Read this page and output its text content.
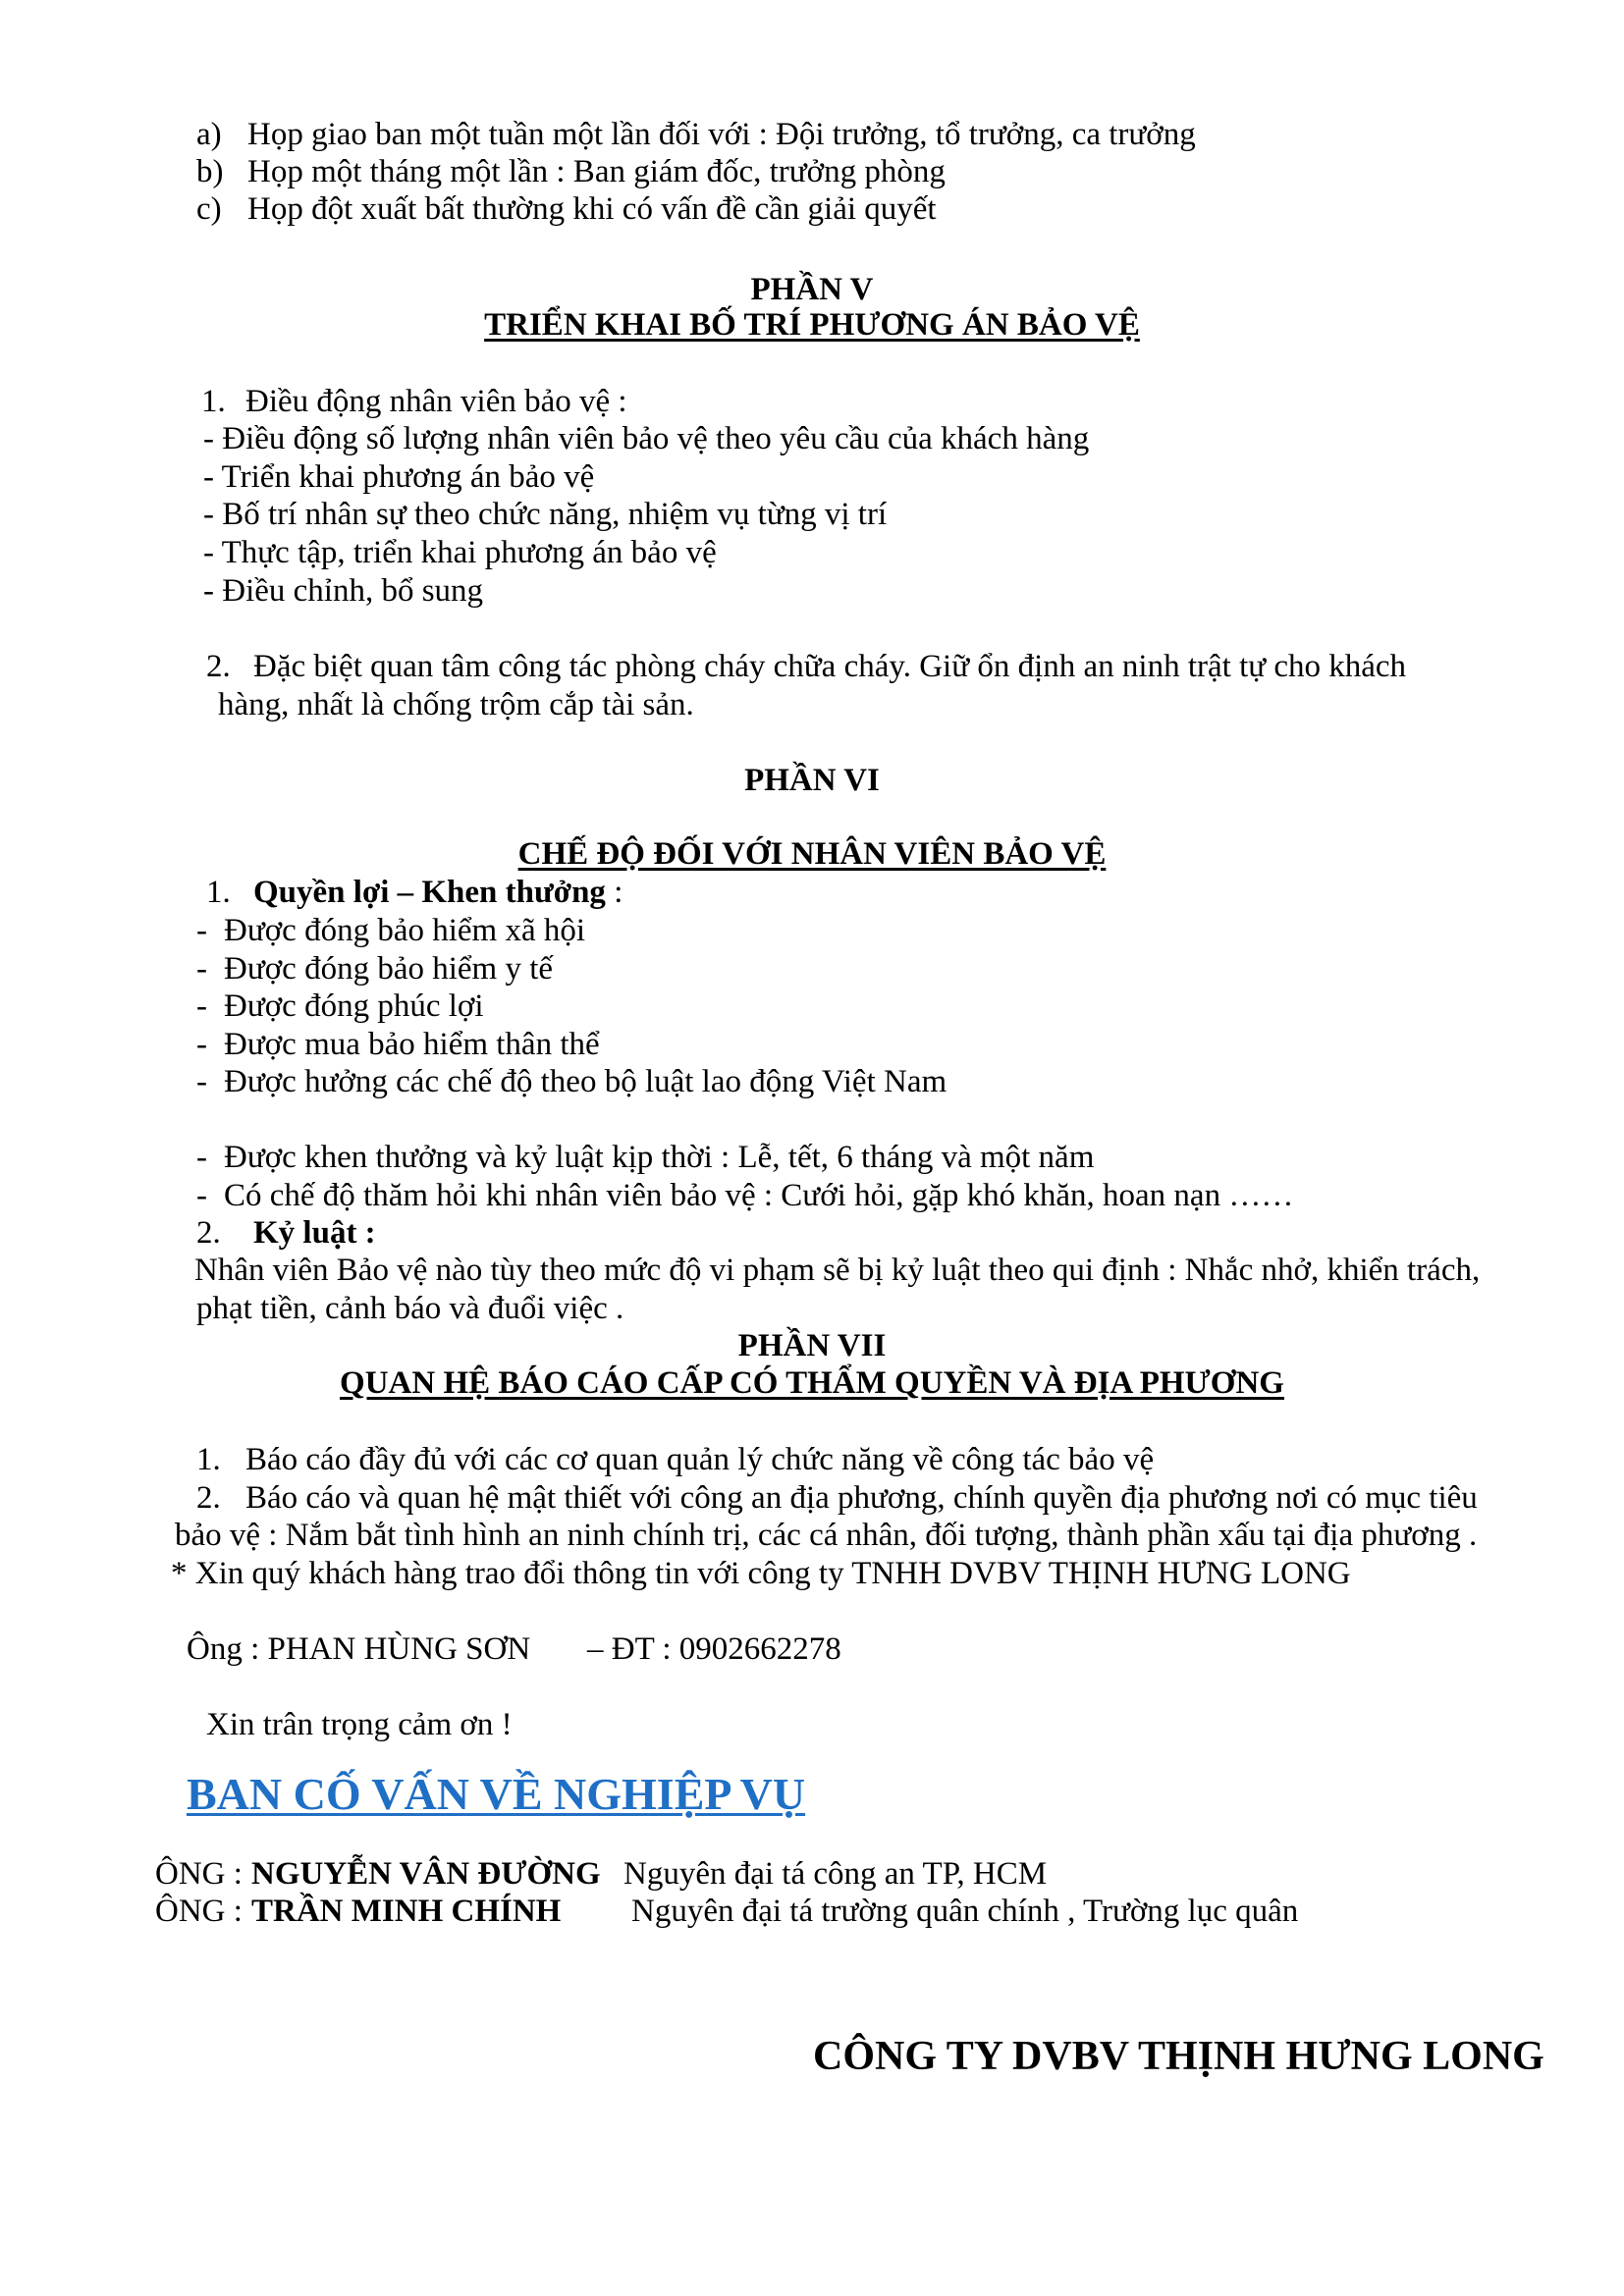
a) Họp giao ban một tuần một lần đối với : Đội trưởng, tổ trưởng, ca trưởng
b) Họp một tháng một lần : Ban giám đốc, trưởng phòng
c) Họp đột xuất bất thường khi có vấn đề cần giải quyết
PHẦN V
TRIỂN KHAI BỐ TRÍ PHƯƠNG ÁN BẢO VỆ
1. Điều động nhân viên bảo vệ :
- Điều động số lượng nhân viên bảo vệ theo yêu cầu của khách hàng
- Triển khai phương án bảo vệ
- Bố trí nhân sự theo chức năng, nhiệm vụ từng vị trí
- Thực tập, triển khai phương án bảo vệ
- Điều chỉnh, bổ sung
2. Đặc biệt quan tâm công tác phòng cháy chữa cháy. Giữ ổn định an ninh trật tự cho khách
hàng, nhất là chống trộm cắp tài sản.
PHẦN VI
CHẾ ĐỘ ĐỐI VỚI NHÂN VIÊN BẢO VỆ
1. Quyền lợi – Khen thưởng :
- Được đóng bảo hiểm xã hội
- Được đóng bảo hiểm y tế
- Được đóng phúc lợi
- Được mua bảo hiểm thân thể
- Được hưởng các chế độ theo bộ luật lao động Việt Nam
- Được khen thưởng và kỷ luật kịp thời : Lễ, tết, 6 tháng và một năm
- Có chế độ thăm hỏi khi nhân viên bảo vệ : Cưới hỏi, gặp khó khăn, hoan nạn ……
2. Kỷ luật :
Nhân viên Bảo vệ nào tùy theo mức độ vi phạm sẽ bị kỷ luật theo qui định : Nhắc nhở, khiển trách,
phạt tiền, cảnh báo và đuổi việc .
PHẦN VII
QUAN HỆ BÁO CÁO CẤP CÓ THẨM QUYỀN VÀ ĐỊA PHƯƠNG
1. Báo cáo đầy đủ với các cơ quan quản lý chức năng về công tác bảo vệ
2. Báo cáo và quan hệ mật thiết với công an địa phương, chính quyền địa phương nơi có mục tiêu
bảo vệ : Nắm bắt tình hình an ninh chính trị, các cá nhân, đối tượng, thành phần xấu tại địa phương .
* Xin quý khách hàng trao đổi thông tin với công ty TNHH DVBV THỊNH HƯNG LONG
Ông : PHAN HÙNG SƠN – ĐT : 0902662278
Xin trân trọng cảm ơn !
BAN CỐ VẤN VỀ NGHIỆP VỤ
ÔNG : NGUYỄN VÂN ĐƯỜNG Nguyên đại tá công an TP, HCM
ÔNG : TRẦN MINH CHÍNH Nguyên đại tá trường quân chính , Trường lục quân
CÔNG TY DVBV THỊNH HƯNG LONG
